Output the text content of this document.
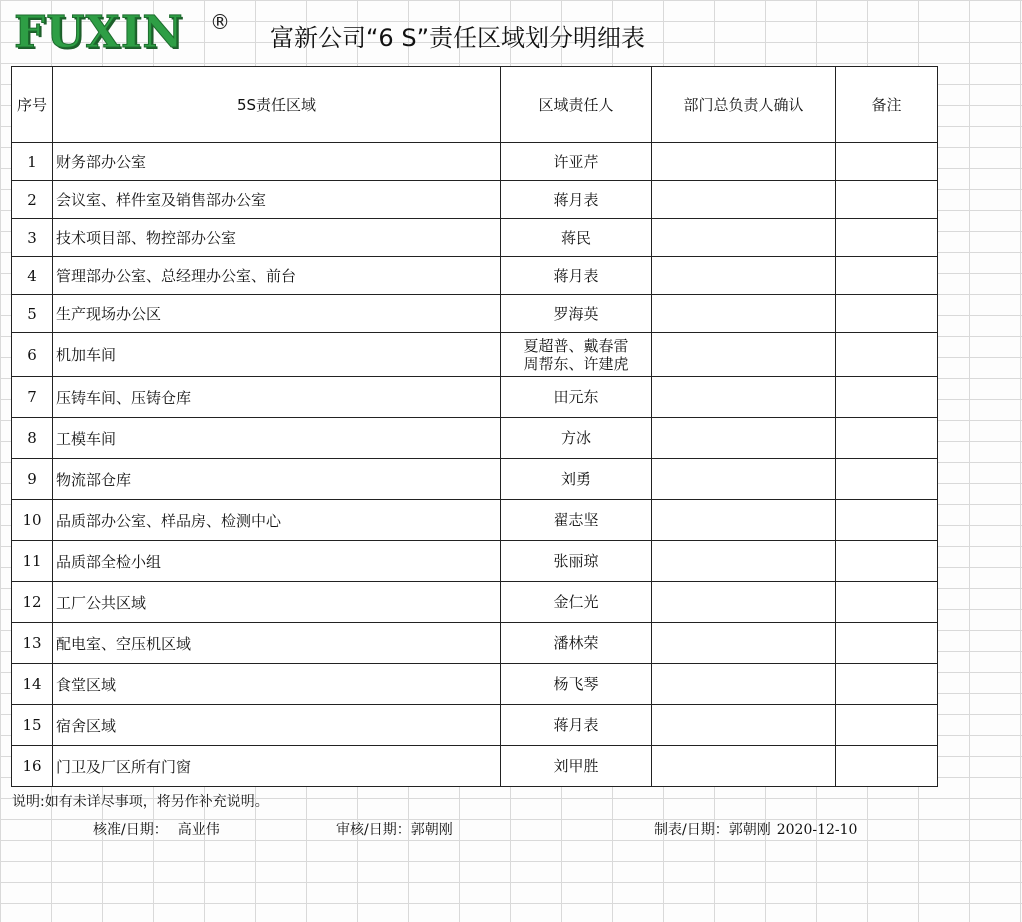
FUXIN ®
富新公司“6 S”责任区域划分明细表
序号	5S责任区域	区域责任人	部门总负责人确认	备注
1	财务部办公室	许亚芹		

2	会议室、样件室及销售部办公室	蒋月表		

3	技术项目部、物控部办公室	蒋民		

4	管理部办公室、总经理办公室、前台	蒋月表		

5	生产现场办公区	罗海英		

6	机加车间	夏超普、戴春雷
周帮东、许建虎		

7	压铸车间、压铸仓库	田元东		

8	工模车间	方冰		

9	物流部仓库	刘勇		

10	品质部办公室、样品房、检测中心	翟志坚		

11	品质部全检小组	张丽琼		

12	工厂公共区域	金仁光		

13	配电室、空压机区域	潘林荣		

14	食堂区域	杨飞琴		

15	宿舍区域	蒋月表		

16	门卫及厂区所有门窗	刘甲胜		

说明:如有未详尽事项，将另作补充说明。
核准/日期： 高业伟	审核/日期：郭朝刚	制表/日期：郭朝刚 2020-12-10
